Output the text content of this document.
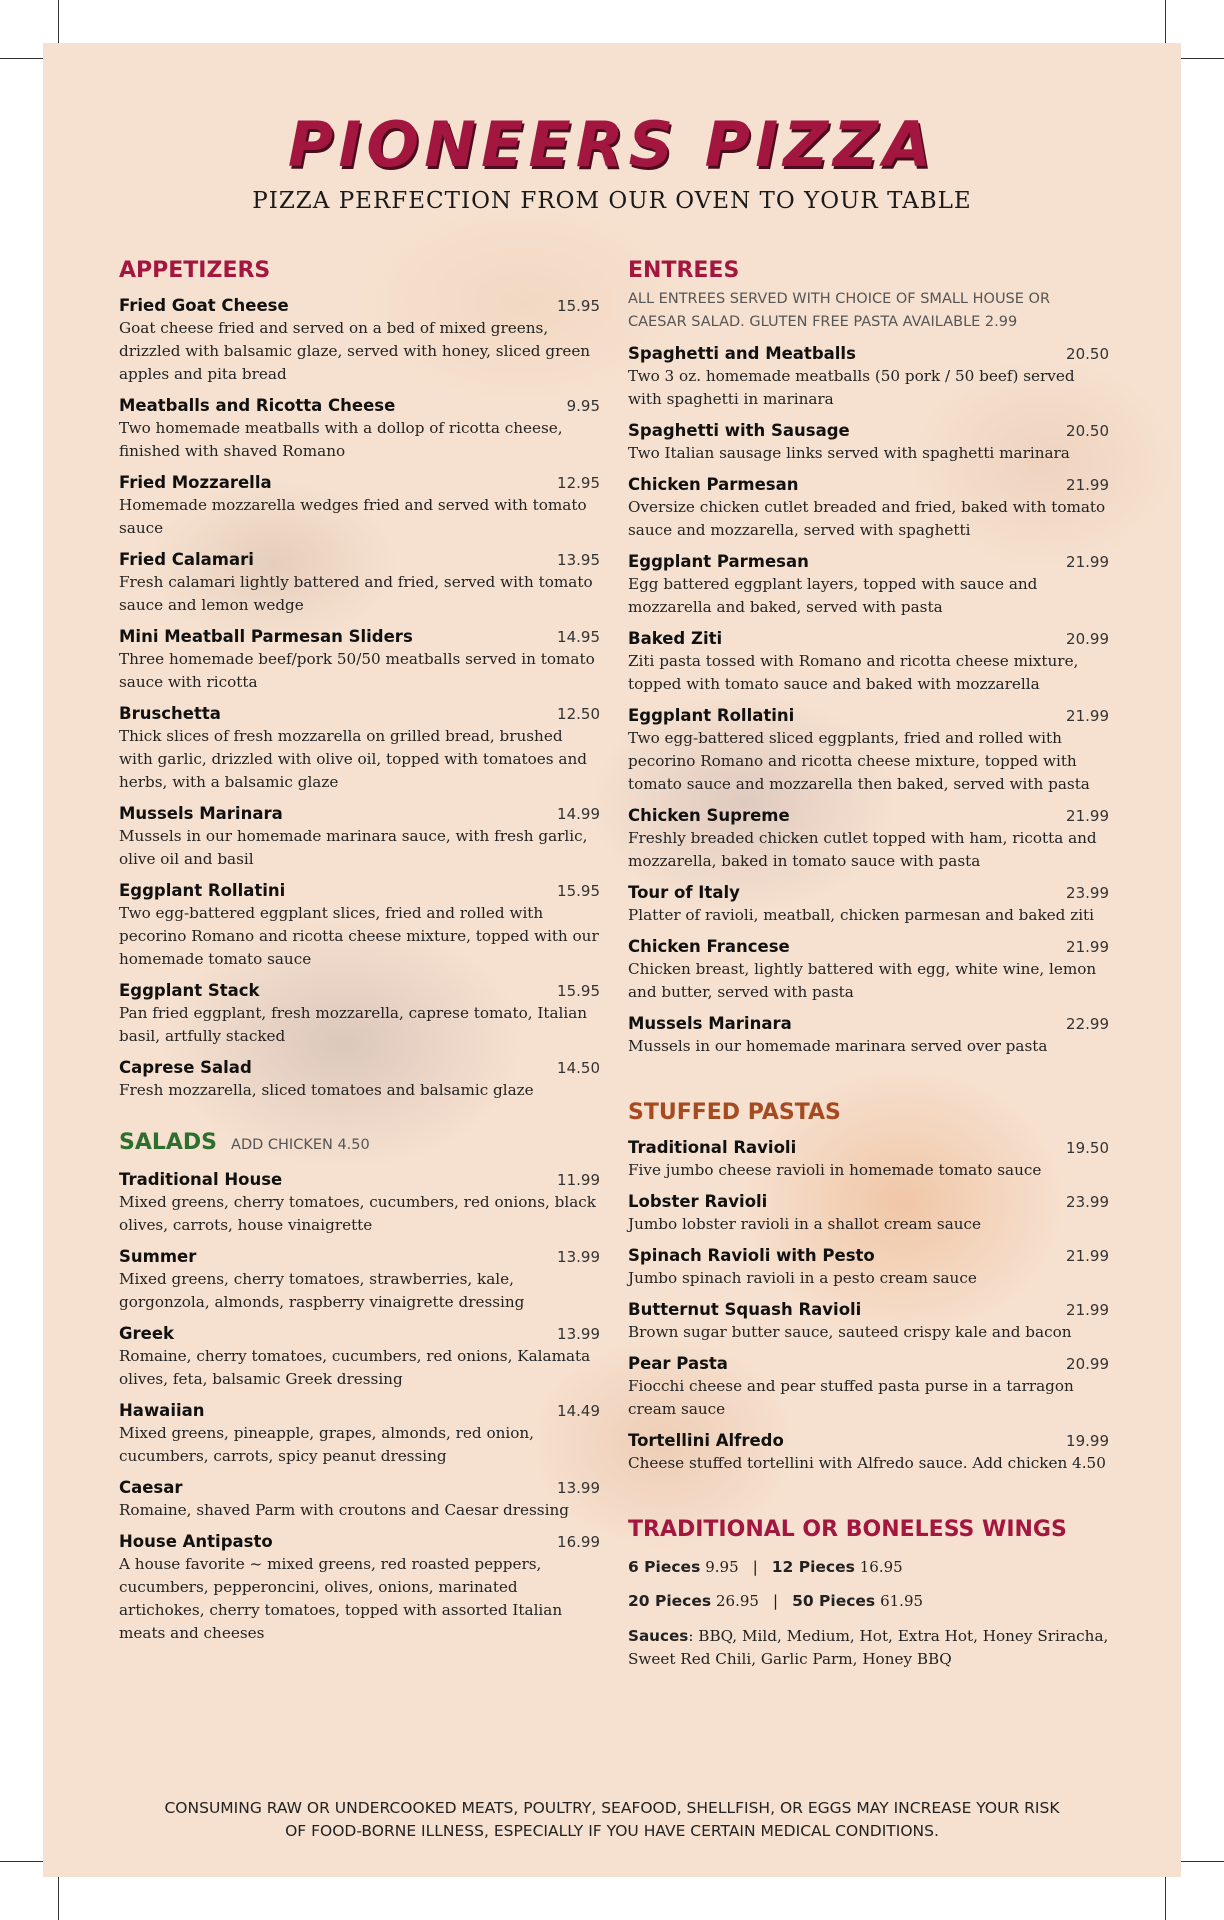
PIONEERS PIZZA
PIZZA PERFECTION FROM OUR OVEN TO YOUR TABLE
APPETIZERS
Fried Goat Cheese	15.95
Goat cheese fried and served on a bed of mixed greens, drizzled with balsamic glaze, served with honey, sliced green apples and pita bread
Meatballs and Ricotta Cheese	9.95
Two homemade meatballs with a dollop of ricotta cheese, finished with shaved Romano
Fried Mozzarella	12.95
Homemade mozzarella wedges fried and served with tomato sauce
Fried Calamari	13.95
Fresh calamari lightly battered and fried, served with tomato sauce and lemon wedge
Mini Meatball Parmesan Sliders	14.95
Three homemade beef/pork 50/50 meatballs served in tomato sauce with ricotta
Bruschetta	12.50
Thick slices of fresh mozzarella on grilled bread, brushed with garlic, drizzled with olive oil, topped with tomatoes and herbs, with a balsamic glaze
Mussels Marinara	14.99
Mussels in our homemade marinara sauce, with fresh garlic, olive oil and basil
Eggplant Rollatini	15.95
Two egg-battered eggplant slices, fried and rolled with pecorino Romano and ricotta cheese mixture, topped with our homemade tomato sauce
Eggplant Stack	15.95
Pan fried eggplant, fresh mozzarella, caprese tomato, Italian basil, artfully stacked
Caprese Salad	14.50
Fresh mozzarella, sliced tomatoes and balsamic glaze
SALADS ADD CHICKEN 4.50
Traditional House	11.99
Mixed greens, cherry tomatoes, cucumbers, red onions, black olives, carrots, house vinaigrette
Summer	13.99
Mixed greens, cherry tomatoes, strawberries, kale, gorgonzola, almonds, raspberry vinaigrette dressing
Greek	13.99
Romaine, cherry tomatoes, cucumbers, red onions, Kalamata olives, feta, balsamic Greek dressing
Hawaiian	14.49
Mixed greens, pineapple, grapes, almonds, red onion, cucumbers, carrots, spicy peanut dressing
Caesar	13.99
Romaine, shaved Parm with croutons and Caesar dressing
House Antipasto	16.99
A house favorite ~ mixed greens, red roasted peppers, cucumbers, pepperoncini, olives, onions, marinated artichokes, cherry tomatoes, topped with assorted Italian meats and cheeses
ENTREES
ALL ENTREES SERVED WITH CHOICE OF SMALL HOUSE OR CAESAR SALAD. GLUTEN FREE PASTA AVAILABLE 2.99
Spaghetti and Meatballs	20.50
Two 3 oz. homemade meatballs (50 pork / 50 beef) served with spaghetti in marinara
Spaghetti with Sausage	20.50
Two Italian sausage links served with spaghetti marinara
Chicken Parmesan	21.99
Oversize chicken cutlet breaded and fried, baked with tomato sauce and mozzarella, served with spaghetti
Eggplant Parmesan	21.99
Egg battered eggplant layers, topped with sauce and mozzarella and baked, served with pasta
Baked Ziti	20.99
Ziti pasta tossed with Romano and ricotta cheese mixture, topped with tomato sauce and baked with mozzarella
Eggplant Rollatini	21.99
Two egg-battered sliced eggplants, fried and rolled with pecorino Romano and ricotta cheese mixture, topped with tomato sauce and mozzarella then baked, served with pasta
Chicken Supreme	21.99
Freshly breaded chicken cutlet topped with ham, ricotta and mozzarella, baked in tomato sauce with pasta
Tour of Italy	23.99
Platter of ravioli, meatball, chicken parmesan and baked ziti
Chicken Francese	21.99
Chicken breast, lightly battered with egg, white wine, lemon and butter, served with pasta
Mussels Marinara	22.99
Mussels in our homemade marinara served over pasta
STUFFED PASTAS
Traditional Ravioli	19.50
Five jumbo cheese ravioli in homemade tomato sauce
Lobster Ravioli	23.99
Jumbo lobster ravioli in a shallot cream sauce
Spinach Ravioli with Pesto	21.99
Jumbo spinach ravioli in a pesto cream sauce
Butternut Squash Ravioli	21.99
Brown sugar butter sauce, sauteed crispy kale and bacon
Pear Pasta	20.99
Fiocchi cheese and pear stuffed pasta purse in a tarragon cream sauce
Tortellini Alfredo	19.99
Cheese stuffed tortellini with Alfredo sauce. Add chicken 4.50
TRADITIONAL OR BONELESS WINGS
6 Pieces 9.95 | 12 Pieces 16.95
20 Pieces 26.95 | 50 Pieces 61.95
Sauces: BBQ, Mild, Medium, Hot, Extra Hot, Honey Sriracha, Sweet Red Chili, Garlic Parm, Honey BBQ
CONSUMING RAW OR UNDERCOOKED MEATS, POULTRY, SEAFOOD, SHELLFISH, OR EGGS MAY INCREASE YOUR RISK
OF FOOD-BORNE ILLNESS, ESPECIALLY IF YOU HAVE CERTAIN MEDICAL CONDITIONS.
